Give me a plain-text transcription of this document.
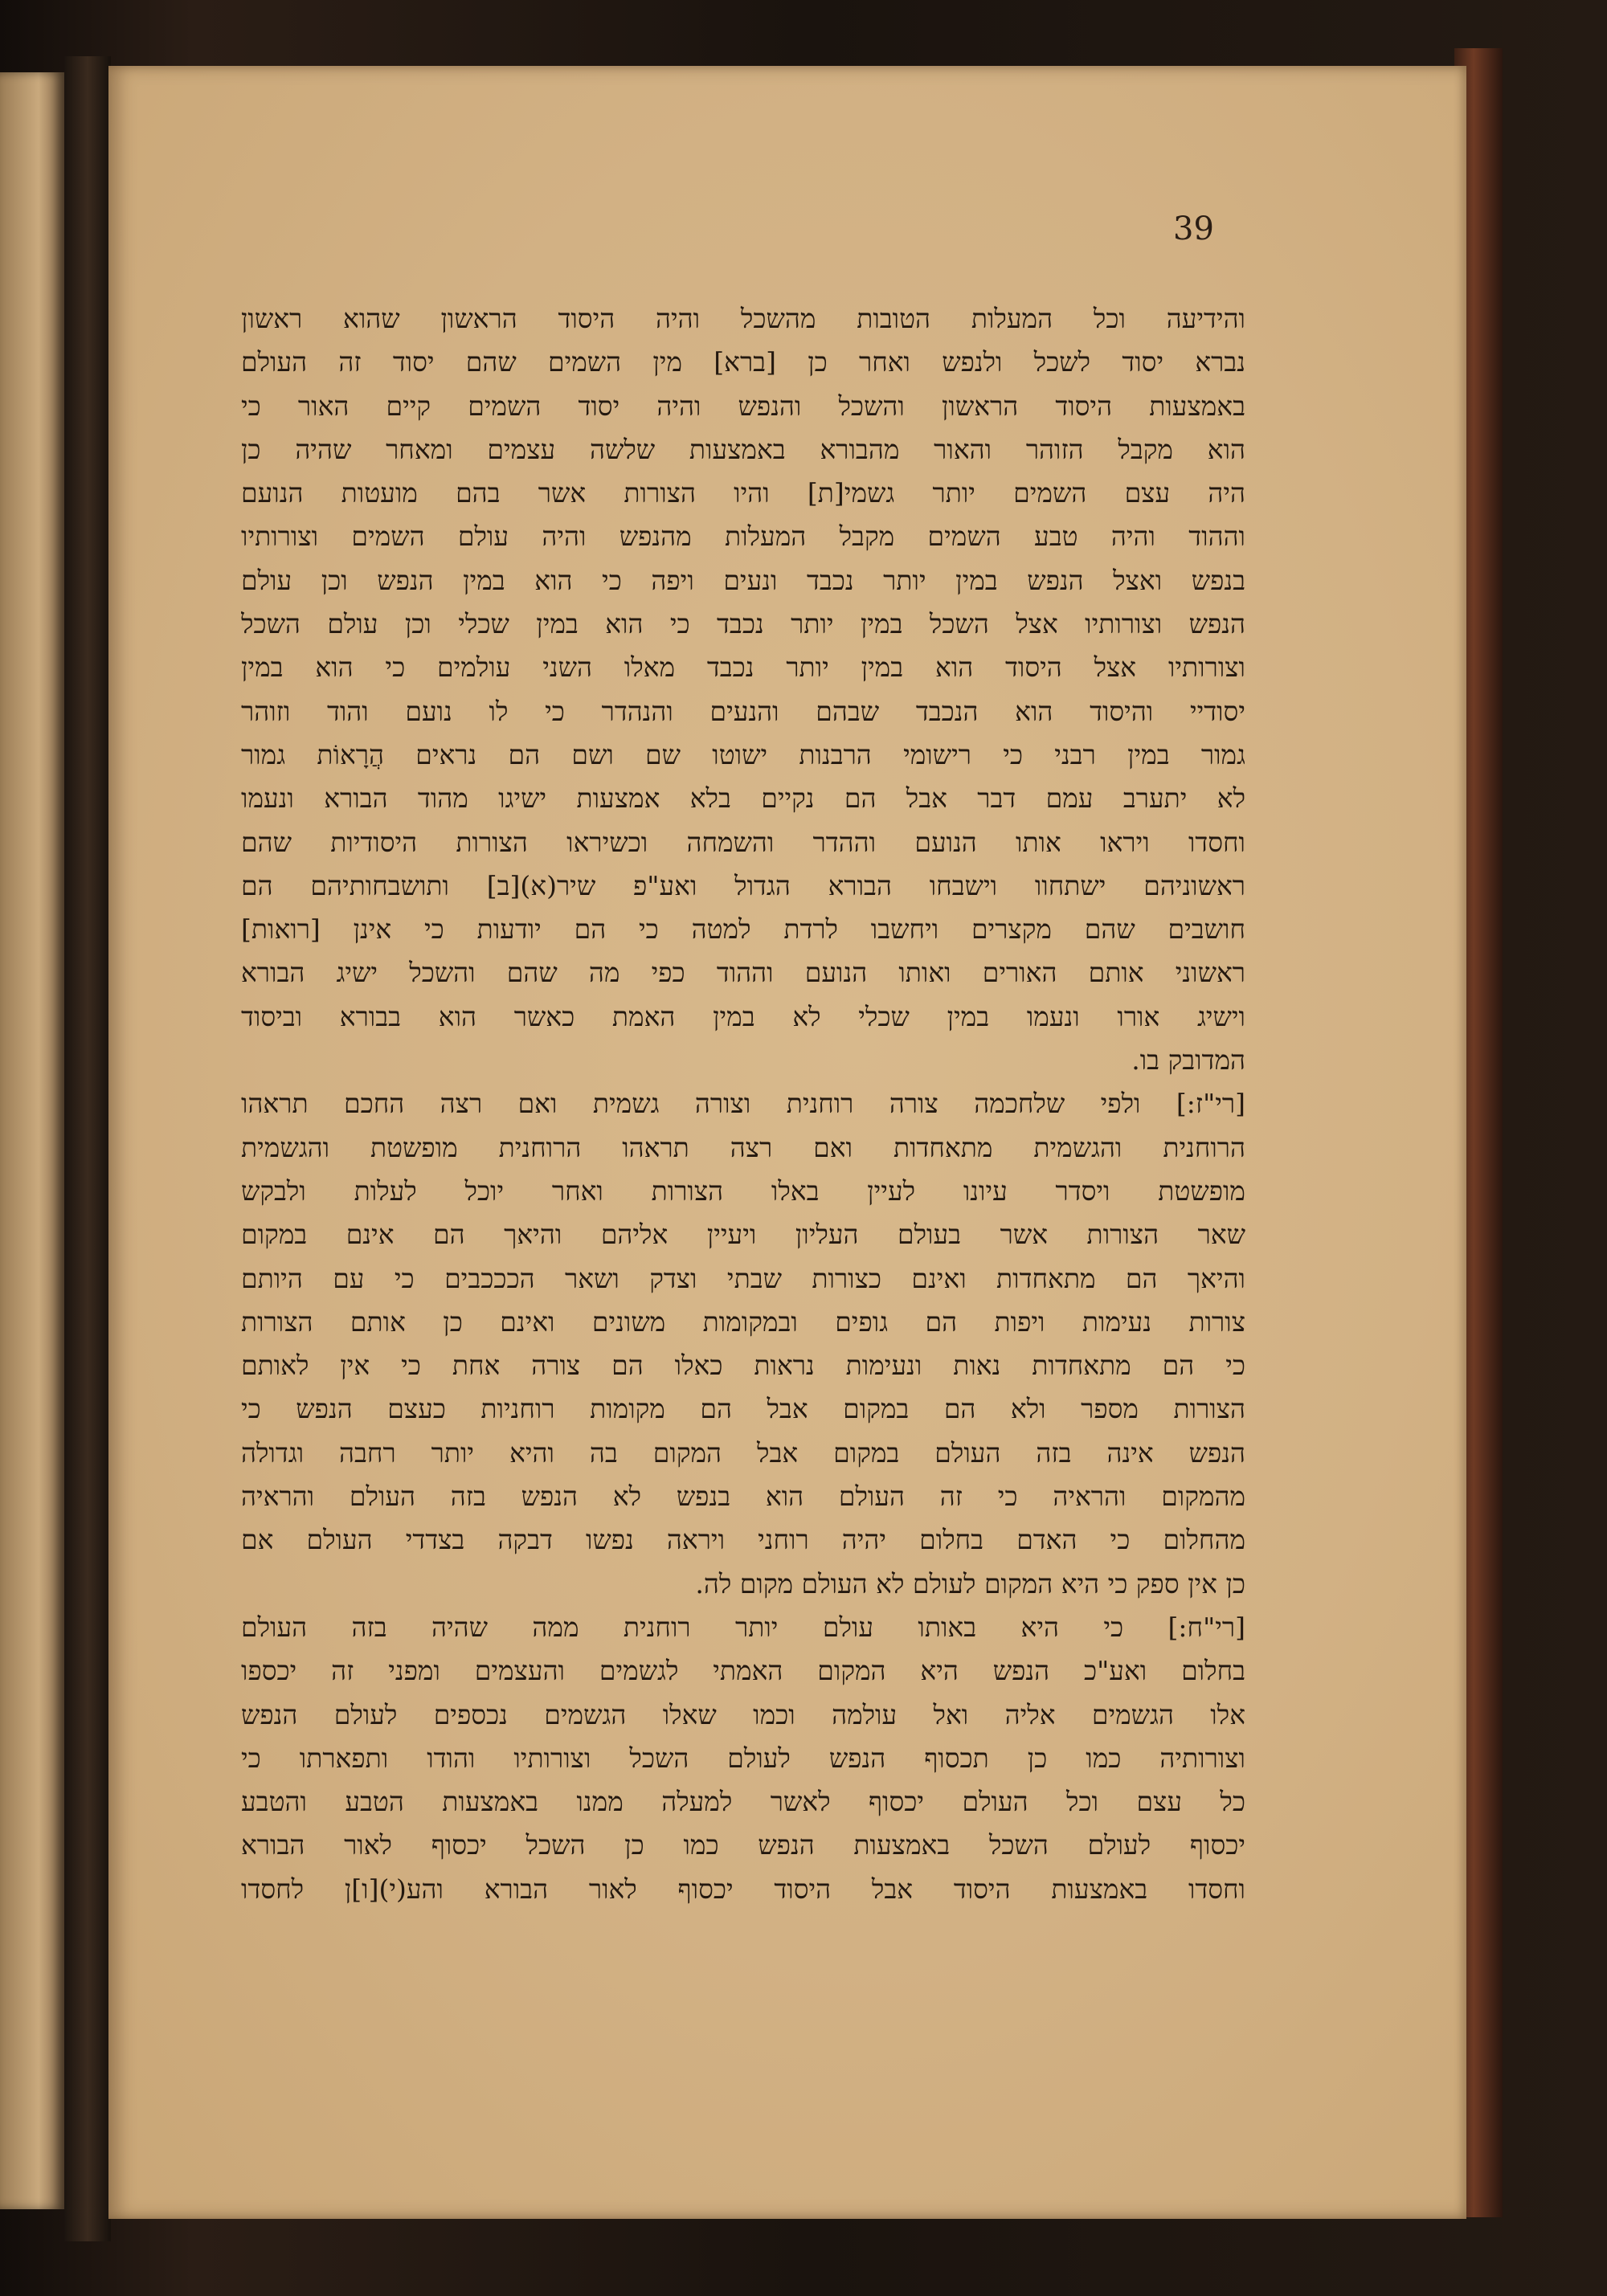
39
והידיעה וכל המעלות הטובות מהשכל והיה היסוד הראשון שהוא ראשון
נברא יסוד לשכל ולנפש ואחר כן [ברא] מין השמים שהם יסוד זה העולם
באמצעות היסוד הראשון והשכל והנפש והיה יסוד השמים קיים האור כי
הוא מקבל הזוהר והאור מהבורא באמצעות שלשה עצמים ומאחר שהיה כן
היה עצם השמים יותר גשמי[ת] והיו הצורות אשר בהם מועטות הנועם
וההוד והיה טבע השמים מקבל המעלות מהנפש והיה עולם השמים וצורותיו
בנפש ואצל הנפש במין יותר נכבד ונעים ויפה כי הוא במין הנפש וכן עולם
הנפש וצורותיו אצל השכל במין יותר נכבד כי הוא במין שכלי וכן עולם השכל
וצורותיו אצל היסוד הוא במין יותר נכבד מאלו השני עולמים כי הוא במין
יסודיי והיסוד הוא הנכבד שבהם והנעים והנהדר כי לו נועם והוד וזוהר
גמור במין רבני כי רישומי הרבנות ישוטו שם ושם הם נראים הֲרָאוֹת גמור
לא יתערב עמם דבר אבל הם נקיים בלא אמצעות ישיגו מהוד הבורא ונעמו
וחסדו ויראו אותו הנועם וההדר והשמחה וכשיראו הצורות היסודיות שהם
ראשוניהם ישתחוו וישבחו הבורא הגדול ואע"פ שיר(א)[ב] ותושבחותיהם הם
חושבים שהם מקצרים ויחשבו לרדת למטה כי הם יודעות כי אינן [רואות]
ראשוני אותם האורים ואותו הנועם וההוד כפי מה שהם והשכל ישיג הבורא
וישיג אורו ונעמו במין שכלי לא במין האמת כאשר הוא בבורא וביסוד
המדובק בו.
[רי"ז:] ולפי שלחכמה צורה רוחנית וצורה גשמית ואם רצה החכם תראהו
הרוחנית והגשמית מתאחדות ואם רצה תראהו הרוחנית מופשטת והגשמית
מופשטת ויסדר עיונו לעיין באלו הצורות ואחר יוכל לעלות ולבקש
שאר הצורות אשר בעולם העליון ויעיין אליהם והיאך הם אינם במקום
והיאך הם מתאחדות ואינם כצורות שבתי וצדק ושאר הכככבים כי עם היותם
צורות נעימות ויפות הם גופים ובמקומות משונים ואינם כן אותם הצורות
כי הם מתאחדות נאות ונעימות נראות כאלו הם צורה אחת כי אין לאותם
הצורות מספר ולא הם במקום אבל הם מקומות רוחניות כעצם הנפש כי
הנפש אינה בזה העולם במקום אבל המקום בה והיא יותר רחבה וגדולה
מהמקום והראיה כי זה העולם הוא בנפש לא הנפש בזה העולם והראיה
מהחלום כי האדם בחלום יהיה רוחני ויראה נפשו דבקה בצדדי העולם אם
כן אין ספק כי היא המקום לעולם לא העולם מקום לה.
[רי"ח:] כי היא באותו עולם יותר רוחנית ממה שהיה בזה העולם
בחלום ואע"כ הנפש היא המקום האמתי לגשמים והעצמים ומפני זה יכספו
אלו הגשמים אליה ואל עולמה וכמו שאלו הגשמים נכספים לעולם הנפש
וצורותיה כמו כן תכסוף הנפש לעולם השכל וצורותיו והודו ותפארתו כי
כל עצם וכל העולם יכסוף לאשר למעלה ממנו באמצעות הטבע והטבע
יכסוף לעולם השכל באמצעות הנפש כמו כן השכל יכסוף לאור הבורא
וחסדו באמצעות היסוד אבל היסוד יכסוף לאור הבורא והע(י)[ו]ן לחסדו
